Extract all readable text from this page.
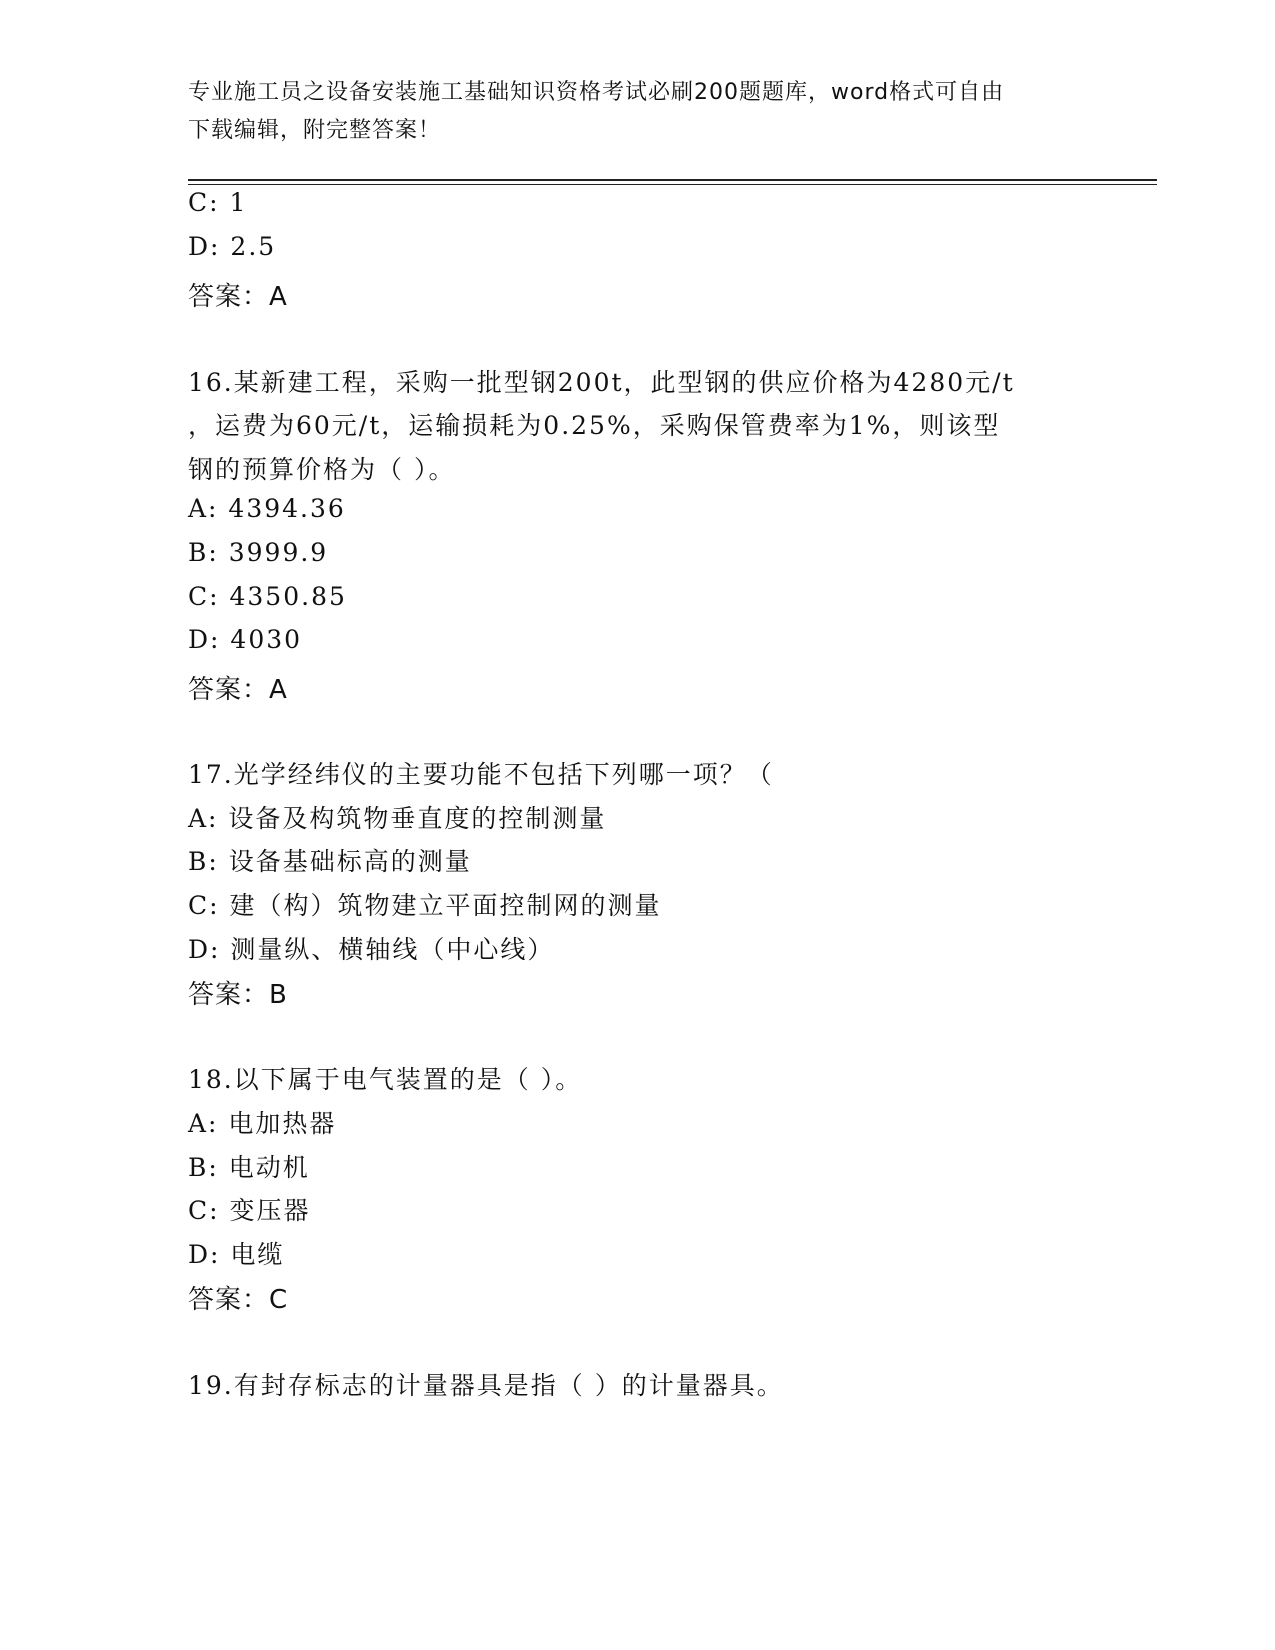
专业施工员之设备安装施工基础知识资格考试必刷200题题库，word格式可自由
下载编辑，附完整答案！
C: 1
D: 2.5
答案：A
16.某新建工程，采购一批型钢200t，此型钢的供应价格为4280元/t
，运费为60元/t，运输损耗为0.25%，采购保管费率为1%，则该型
钢的预算价格为（ ）。
A: 4394.36
B: 3999.9
C: 4350.85
D: 4030
答案：A
17.光学经纬仪的主要功能不包括下列哪一项？（
A: 设备及构筑物垂直度的控制测量
B: 设备基础标高的测量
C: 建（构）筑物建立平面控制网的测量
D: 测量纵、横轴线（中心线）
答案：B
18.以下属于电气装置的是（ ）。
A: 电加热器
B: 电动机
C: 变压器
D: 电缆
答案：C
19.有封存标志的计量器具是指（ ）的计量器具。
